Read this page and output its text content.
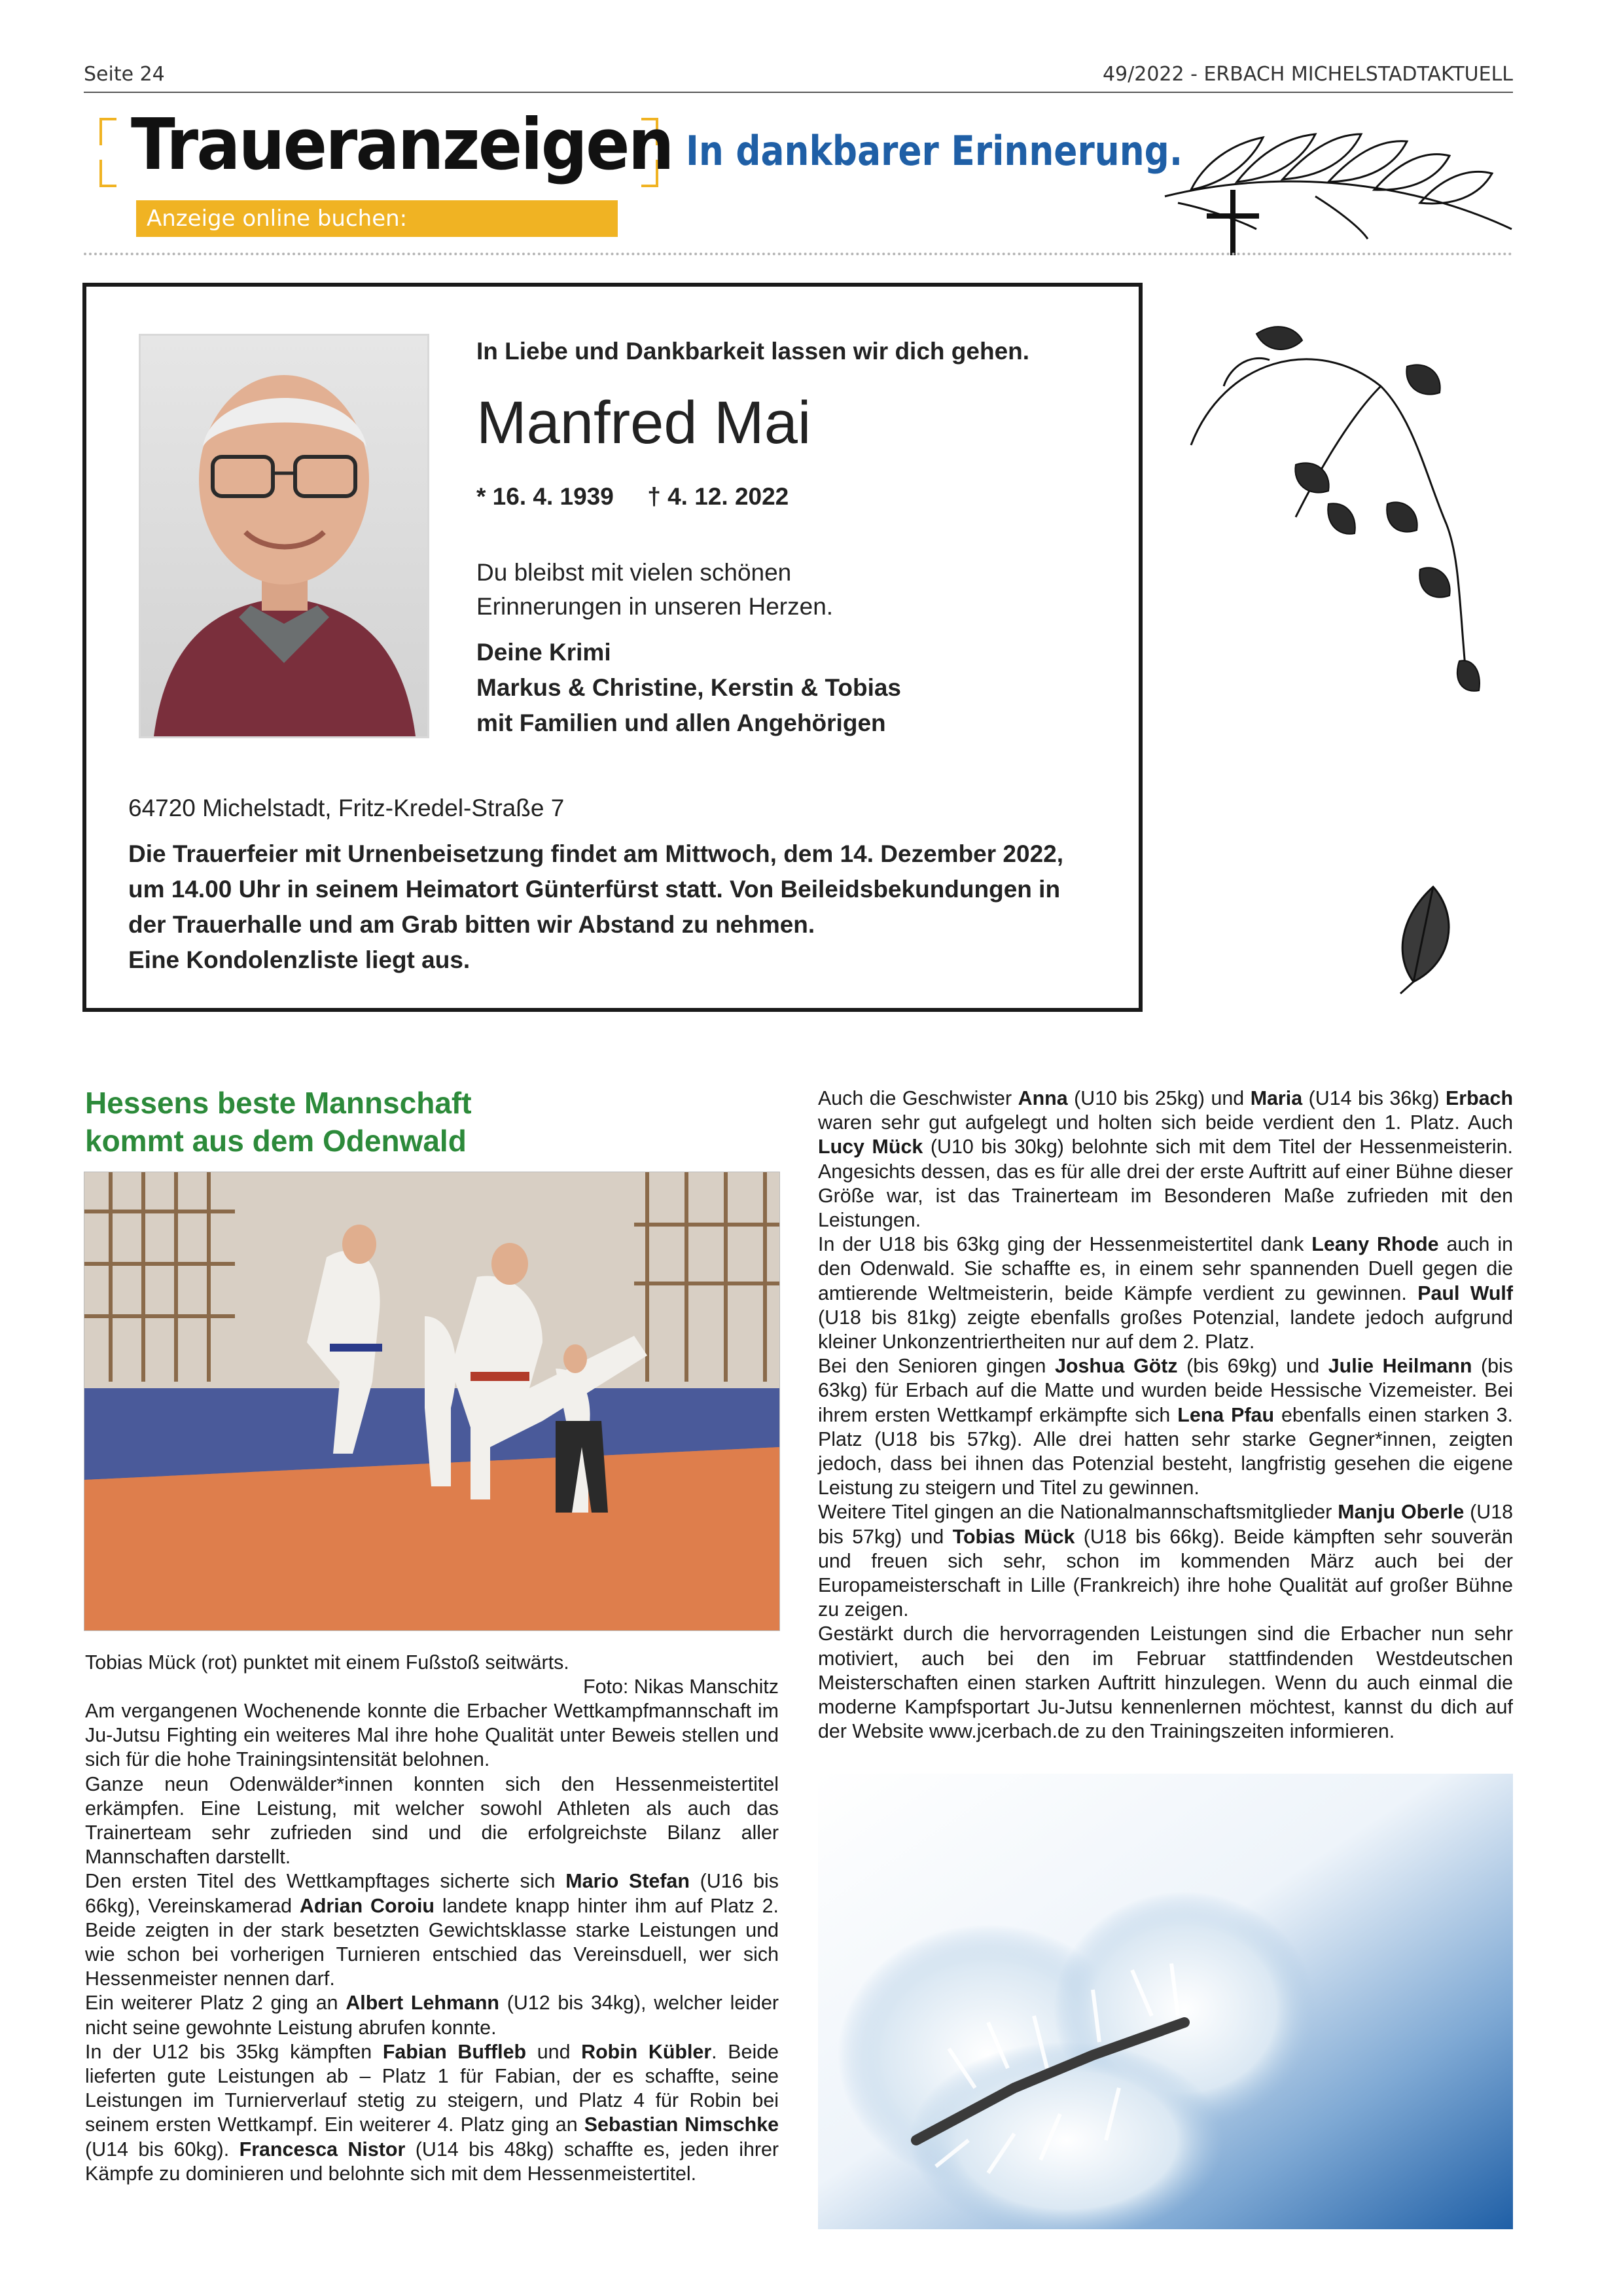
Seite 24	49/2022 - ERBACH MICHELSTADTAKTUELL
Traueranzeigen
Anzeige online buchen: anzeigen.wittich.de
In dankbarer Erinnerung.
In Liebe und Dankbarkeit lassen wir dich gehen.
Manfred Mai
* 16. 4. 1939     † 4. 12. 2022
Du bleibst mit vielen schönen
Erinnerungen in unseren Herzen.
Deine Krimi
Markus & Christine, Kerstin & Tobias
mit Familien und allen Angehörigen
64720 Michelstadt, Fritz-Kredel-Straße 7
Die Trauerfeier mit Urnenbeisetzung findet am Mittwoch, dem 14. Dezember 2022,
um 14.00 Uhr in seinem Heimatort Günterfürst statt. Von Beileidsbekundungen in
der Trauerhalle und am Grab bitten wir Abstand zu nehmen.
Eine Kondolenzliste liegt aus.
Hessens beste Mannschaft
kommt aus dem Odenwald
Tobias Mück (rot) punktet mit einem Fußstoß seitwärts.
Foto: Nikas Manschitz

Am vergangenen Wochenende konnte die Erbacher Wettkampfmannschaft im Ju-Jutsu Fighting ein weiteres Mal ihre hohe Qualität unter Beweis stellen und sich für die hohe Trainingsintensität belohnen.

Ganze neun Odenwälder*innen konnten sich den Hessenmeistertitel erkämpfen. Eine Leistung, mit welcher sowohl Athleten als auch das Trainerteam sehr zufrieden sind und die erfolgreichste Bilanz aller Mannschaften darstellt.

Den ersten Titel des Wettkampftages sicherte sich Mario Stefan (U16 bis 66kg), Vereinskamerad Adrian Coroiu landete knapp hinter ihm auf Platz 2. Beide zeigten in der stark besetzten Gewichtsklasse starke Leistungen und wie schon bei vorherigen Turnieren entschied das Vereinsduell, wer sich Hessenmeister nennen darf.

Ein weiterer Platz 2 ging an Albert Lehmann (U12 bis 34kg), welcher leider nicht seine gewohnte Leistung abrufen konnte.

In der U12 bis 35kg kämpften Fabian Buffleb und Robin Kübler. Beide lieferten gute Leistungen ab – Platz 1 für Fabian, der es schaffte, seine Leistungen im Turnierverlauf stetig zu steigern, und Platz 4 für Robin bei seinem ersten Wettkampf. Ein weiterer 4. Platz ging an Sebastian Nimschke (U14 bis 60kg). Francesca Nistor (U14 bis 48kg) schaffte es, jeden ihrer Kämpfe zu dominieren und belohnte sich mit dem Hessenmeistertitel.

Auch die Geschwister Anna (U10 bis 25kg) und Maria (U14 bis 36kg) Erbach waren sehr gut aufgelegt und holten sich beide verdient den 1. Platz. Auch Lucy Mück (U10 bis 30kg) belohnte sich mit dem Titel der Hessenmeisterin. Angesichts dessen, das es für alle drei der erste Auftritt auf einer Bühne dieser Größe war, ist das Trainerteam im Besonderen Maße zufrieden mit den Leistungen.

In der U18 bis 63kg ging der Hessenmeistertitel dank Leany Rhode auch in den Odenwald. Sie schaffte es, in einem sehr spannenden Duell gegen die amtierende Weltmeisterin, beide Kämpfe verdient zu gewinnen. Paul Wulf (U18 bis 81kg) zeigte ebenfalls großes Potenzial, landete jedoch aufgrund kleiner Unkonzentriertheiten nur auf dem 2. Platz.

Bei den Senioren gingen Joshua Götz (bis 69kg) und Julie Heilmann (bis 63kg) für Erbach auf die Matte und wurden beide Hessische Vizemeister. Bei ihrem ersten Wettkampf erkämpfte sich Lena Pfau ebenfalls einen starken 3. Platz (U18 bis 57kg). Alle drei hatten sehr starke Gegner*innen, zeigten jedoch, dass bei ihnen das Potenzial besteht, langfristig gesehen die eigene Leistung zu steigern und Titel zu gewinnen.

Weitere Titel gingen an die Nationalmannschaftsmitglieder Manju Oberle (U18 bis 57kg) und Tobias Mück (U18 bis 66kg). Beide kämpften sehr souverän und freuen sich sehr, schon im kommenden März auch bei der Europameisterschaft in Lille (Frankreich) ihre hohe Qualität auf großer Bühne zu zeigen.

Gestärkt durch die hervorragenden Leistungen sind die Erbacher nun sehr motiviert, auch bei den im Februar stattfindenden Westdeutschen Meisterschaften einen starken Auftritt hinzulegen. Wenn du auch einmal die moderne Kampfsportart Ju-Jutsu kennenlernen möchtest, kannst du dich auf der Website www.jcerbach.de zu den Trainingszeiten informieren.
